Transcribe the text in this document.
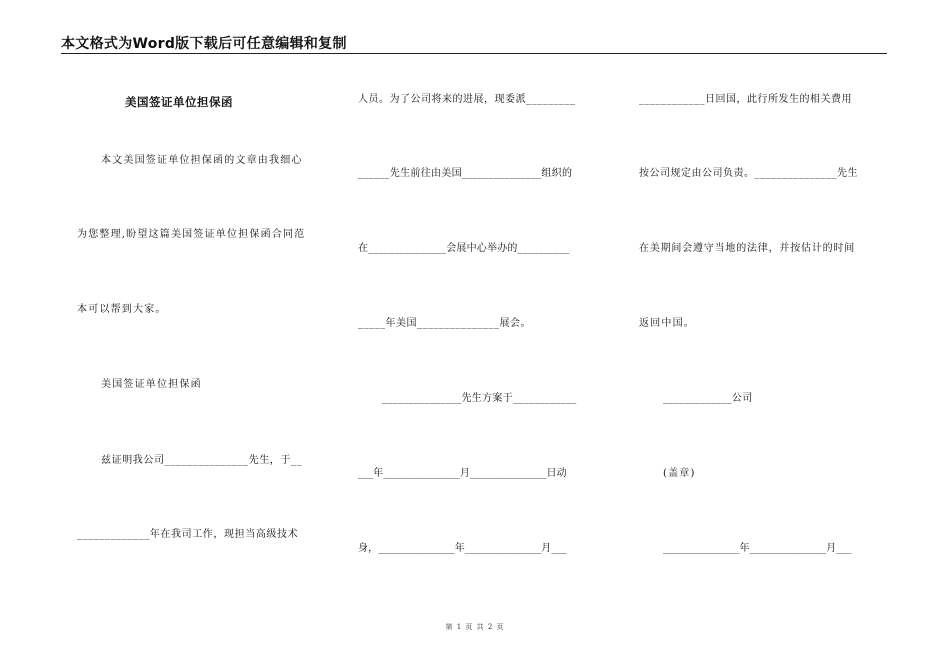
本文格式为Word版下载后可任意编辑和复制
美国签证单位担保函
本文美国签证单位担保函的文章由我细心
为您整理,盼望这篇美国签证单位担保函合同范
本可以帮到大家。
美国签证单位担保函
兹证明我公司_______________先生，于__
_____________年在我司工作，现担当高级技术
人员。为了公司将来的进展，现委派_________
______先生前往由美国_______________组织的
在_______________会展中心举办的__________
_____年美国_______________展会。
_______________先生方案于____________
___年_______________月_______________日动
身，_______________年_______________月___
____________日回国，此行所发生的相关费用
按公司规定由公司负责。_______________先生
在美期间会遵守当地的法律，并按估计的时间
返回中国。
_____________公司
(盖章)
_______________年_______________月___
第 1 页 共 2 页
